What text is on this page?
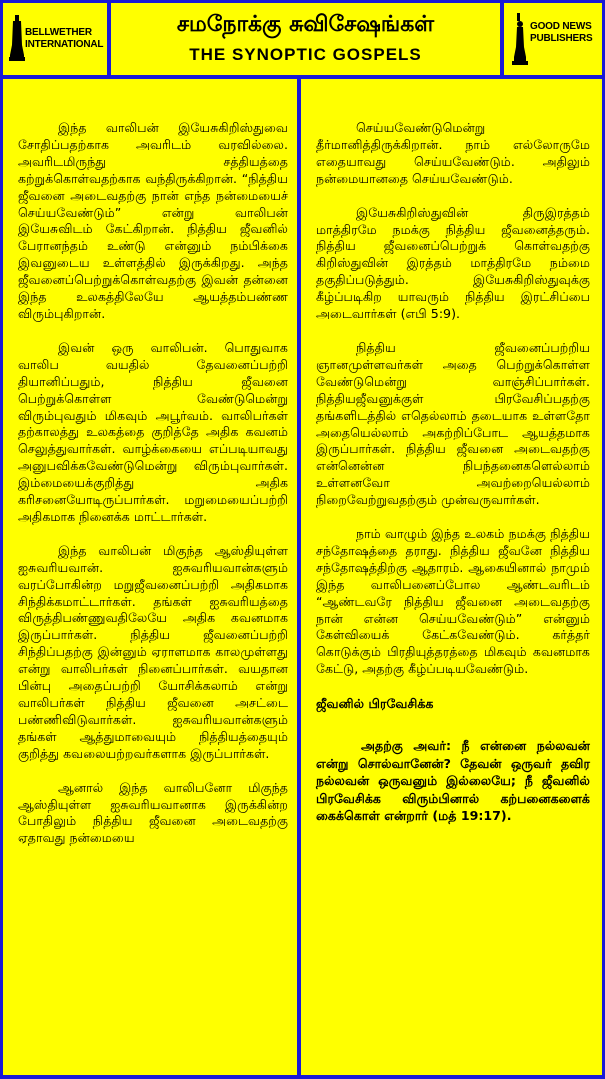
BELLWETHER
INTERNATIONAL
சமநோக்கு சுவிசேஷங்கள்
THE SYNOPTIC GOSPELS
GOOD NEWS
PUBLISHERS

இந்த வாலிபன் இயேசுகிறிஸ்துவை சோதிப்பதற்காக அவரிடம் வரவில்லை. அவரிடமிருந்து சத்தியத்தை கற்றுக்கொள்வதற்காக வந்திருக்கிறான். “நித்திய ஜீவனை அடைவதற்கு நான் எந்த நன்மையைச் செய்யவேண்டும்” என்று வாலிபன் இயேசுவிடம் கேட்கிறான். நித்திய ஜீவனில் பேரானந்தம் உண்டு என்னும் நம்பிக்கை இவனுடைய உள்ளத்தில் இருக்கிறது. அந்த ஜீவனைப்பெற்றுக்கொள்வதற்கு இவன் தன்னை இந்த உலகத்திலேயே ஆயத்தம்பண்ண விரும்புகிறான்.

இவன் ஒரு வாலிபன். பொதுவாக வாலிப வயதில் தேவனைப்பற்றி தியானிப்பதும், நித்திய ஜீவனை பெற்றுக்கொள்ள வேண்டுமென்று விரும்புவதும் மிகவும் அபூர்வம். வாலிபர்கள் தற்காலத்து உலகத்தை குறித்தே அதிக கவனம் செலுத்துவார்கள். வாழ்க்கையை எப்படியாவது அனுபவிக்கவேண்டுமென்று விரும்புவார்கள். இம்மையைக்குறித்து அதிக கரிசனையோடிருப்பார்கள். மறுமையைப்பற்றி அதிகமாக நினைக்க மாட்டார்கள்.

இந்த வாலிபன் மிகுந்த ஆஸ்தியுள்ள ஐசுவரியவான். ஐசுவரியவான்களும் வரப்போகின்ற மறுஜீவனைப்பற்றி அதிகமாக சிந்திக்கமாட்டார்கள். தங்கள் ஐசுவரியத்தை விருத்திபண்ணுவதிலேயே அதிக கவனமாக இருப்பார்கள். நித்திய ஜீவனைப்பற்றி சிந்திப்பதற்கு இன்னும் ஏராளமாக காலமுள்ளது என்று வாலிபர்கள் நினைப்பார்கள். வயதான பின்பு அதைப்பற்றி யோசிக்கலாம் என்று வாலிபர்கள் நித்திய ஜீவனை அசட்டை பண்ணிவிடுவார்கள். ஐசுவரியவான்களும் தங்கள் ஆத்துமாவையும் நித்தியத்தையும் குறித்து கவலையற்றவர்களாக இருப்பார்கள்.

ஆனால் இந்த வாலிபனோ மிகுந்த ஆஸ்தியுள்ள ஐசுவரியவானாக இருக்கின்ற போதிலும் நித்திய ஜீவனை அடைவதற்கு ஏதாவது நன்மையை

செய்யவேண்டுமென்று தீர்மானித்திருக்கிறான். நாம் எல்லோருமே எதையாவது செய்யவேண்டும். அதிலும் நன்மையானதை செய்யவேண்டும்.

இயேசுகிறிஸ்துவின் திருஇரத்தம் மாத்திரமே நமக்கு நித்திய ஜீவனைத்தரும். நித்திய ஜீவனைப்பெற்றுக் கொள்வதற்கு கிறிஸ்துவின் இரத்தம் மாத்திரமே நம்மை தகுதிப்படுத்தும். இயேசுகிறிஸ்துவுக்கு கீழ்ப்படிகிற யாவரும் நித்திய இரட்சிப்பை அடைவார்கள் (எபி 5:9).

நித்திய ஜீவனைப்பற்றிய ஞானமுள்ளவர்கள் அதை பெற்றுக்கொள்ள வேண்டுமென்று வாஞ்சிப்பார்கள். நித்தியஜீவனுக்குள் பிரவேசிப்பதற்கு தங்களிடத்தில் எதெல்லாம் தடையாக உள்ளதோ அதையெல்லாம் அகற்றிப்போட ஆயத்தமாக இருப்பார்கள். நித்திய ஜீவனை அடைவதற்கு என்னென்ன நிபந்தனைகளெல்லாம் உள்ளனவோ அவற்றையெல்லாம் நிறைவேற்றுவதற்கும் முன்வருவார்கள்.

நாம் வாழும் இந்த உலகம் நமக்கு நித்திய சந்தோஷத்தை தராது. நித்திய ஜீவனே நித்திய சந்தோஷத்திற்கு ஆதாரம். ஆகையினால் நாமும் இந்த வாலிபனைப்போல ஆண்டவரிடம் “ஆண்டவரே நித்திய ஜீவனை அடைவதற்கு நான் என்ன செய்யவேண்டும்” என்னும் கேள்வியைக் கேட்கவேண்டும். கர்த்தர் கொடுக்கும் பிரதியுத்தரத்தை மிகவும் கவனமாக கேட்டு, அதற்கு கீழ்ப்படியவேண்டும்.

ஜீவனில் பிரவேசிக்க

அதற்கு அவர்: நீ என்னை நல்லவன் என்று சொல்வானேன்? தேவன் ஒருவர் தவிர நல்லவன் ஒருவனும் இல்லையே; நீ ஜீவனில் பிரவேசிக்க விரும்பினால் கற்பனைகளைக் கைக்கொள் என்றார் (மத் 19:17).
